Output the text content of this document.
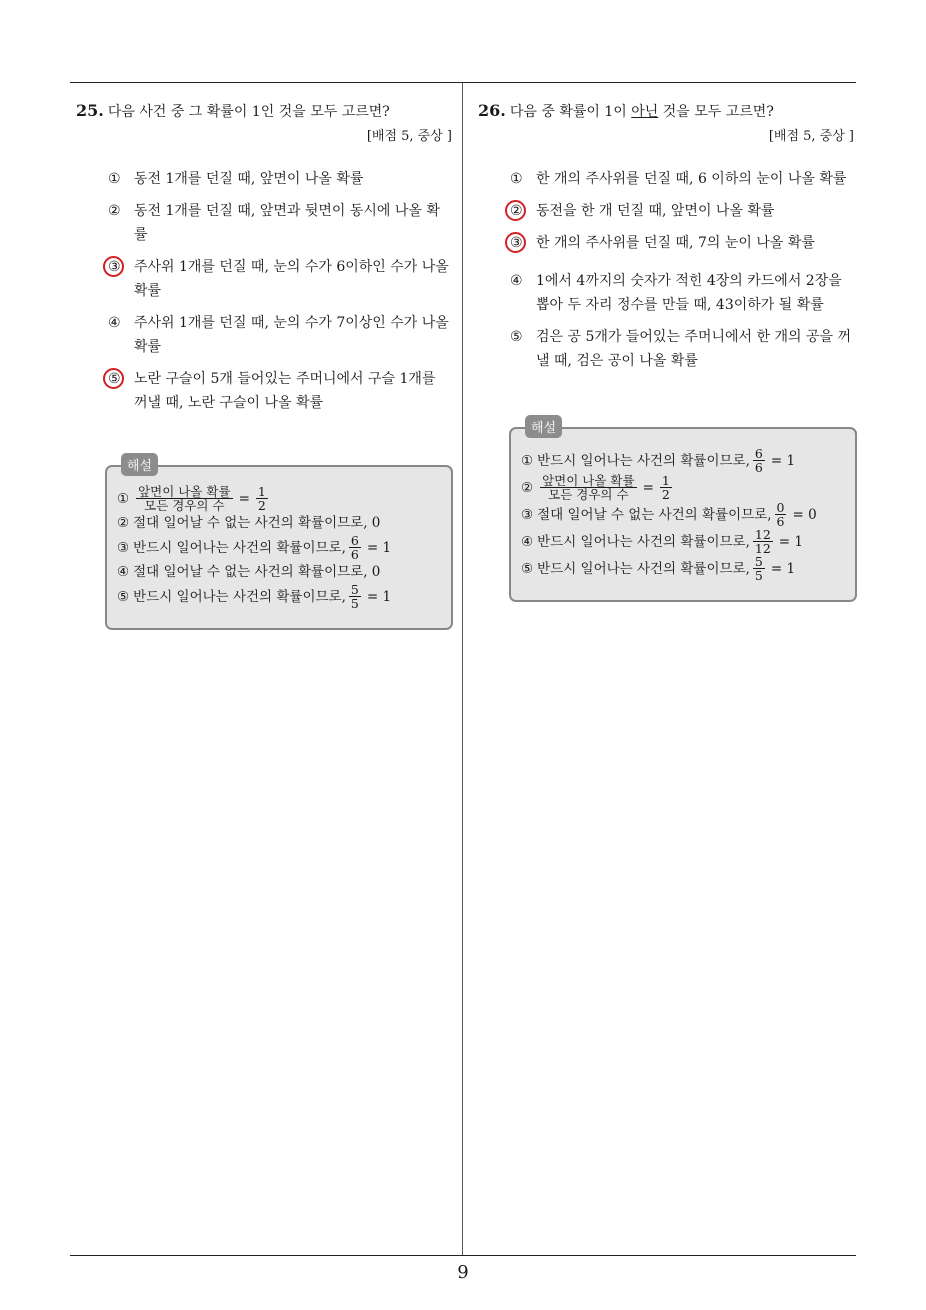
25. 다음 사건 중 그 확률이 1인 것을 모두 고르면?
[배점 5, 중상 ]
① 동전 1개를 던질 때, 앞면이 나올 확률
② 동전 1개를 던질 때, 앞면과 뒷면이 동시에 나올 확률
③ 주사위 1개를 던질 때, 눈의 수가 6이하인 수가 나올 확률
④ 주사위 1개를 던질 때, 눈의 수가 7이상인 수가 나올 확률
⑤ 노란 구슬이 5개 들어있는 주머니에서 구슬 1개를 꺼낼 때, 노란 구슬이 나올 확률
해설
① $\frac{\text{앞면이 나올 확률}}{\text{모든 경우의 수}} = \frac{1}{2}$
② 절대 일어날 수 없는 사건의 확률이므로, 0
③ 반드시 일어나는 사건의 확률이므로, $\frac{6}{6} = 1$
④ 절대 일어날 수 없는 사건의 확률이므로, 0
⑤ 반드시 일어나는 사건의 확률이므로, $\frac{5}{5} = 1$
26. 다음 중 확률이 1이 아닌 것을 모두 고르면?
[배점 5, 중상 ]
① 한 개의 주사위를 던질 때, 6 이하의 눈이 나올 확률
② 동전을 한 개 던질 때, 앞면이 나올 확률
③ 한 개의 주사위를 던질 때, 7의 눈이 나올 확률
④ 1에서 4까지의 숫자가 적힌 4장의 카드에서 2장을 뽑아 두 자리 정수를 만들 때, 43이하가 될 확률
⑤ 검은 공 5개가 들어있는 주머니에서 한 개의 공을 꺼낼 때, 검은 공이 나올 확률
해설
① 반드시 일어나는 사건의 확률이므로, $\frac{6}{6} = 1$
② $\frac{\text{앞면이 나올 확률}}{\text{모든 경우의 수}} = \frac{1}{2}$
③ 절대 일어날 수 없는 사건의 확률이므로, $\frac{0}{6} = 0$
④ 반드시 일어나는 사건의 확률이므로, $\frac{12}{12} = 1$
⑤ 반드시 일어나는 사건의 확률이므로, $\frac{5}{5} = 1$
9
